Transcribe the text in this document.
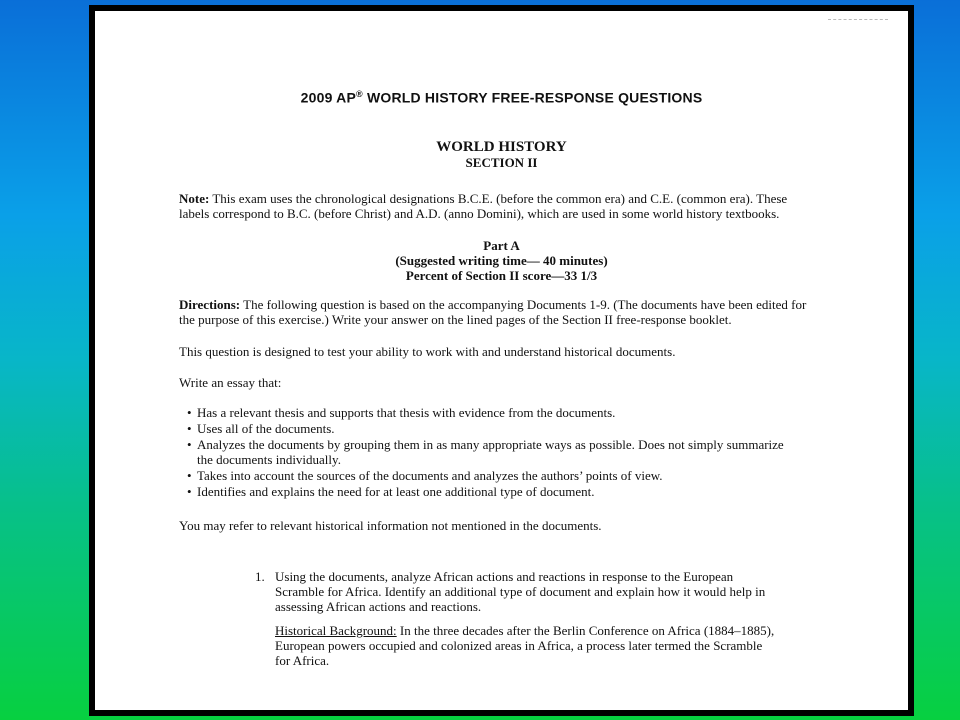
2009 AP® WORLD HISTORY FREE-RESPONSE QUESTIONS
WORLD HISTORY
SECTION II

Note: This exam uses the chronological designations B.C.E. (before the common era) and C.E. (common era). These labels correspond to B.C. (before Christ) and A.D. (anno Domini), which are used in some world history textbooks.

Part A
(Suggested writing time— 40 minutes)
Percent of Section II score—33 1/3

Directions: The following question is based on the accompanying Documents 1-9. (The documents have been edited for the purpose of this exercise.) Write your answer on the lined pages of the Section II free-response booklet.

This question is designed to test your ability to work with and understand historical documents.

Write an essay that:

• Has a relevant thesis and supports that thesis with evidence from the documents.
• Uses all of the documents.
• Analyzes the documents by grouping them in as many appropriate ways as possible. Does not simply summarize the documents individually.
• Takes into account the sources of the documents and analyzes the authors’ points of view.
• Identifies and explains the need for at least one additional type of document.

You may refer to relevant historical information not mentioned in the documents.

1. Using the documents, analyze African actions and reactions in response to the European Scramble for Africa. Identify an additional type of document and explain how it would help in assessing African actions and reactions.
Historical Background: In the three decades after the Berlin Conference on Africa (1884–1885), European powers occupied and colonized areas in Africa, a process later termed the Scramble for Africa.
